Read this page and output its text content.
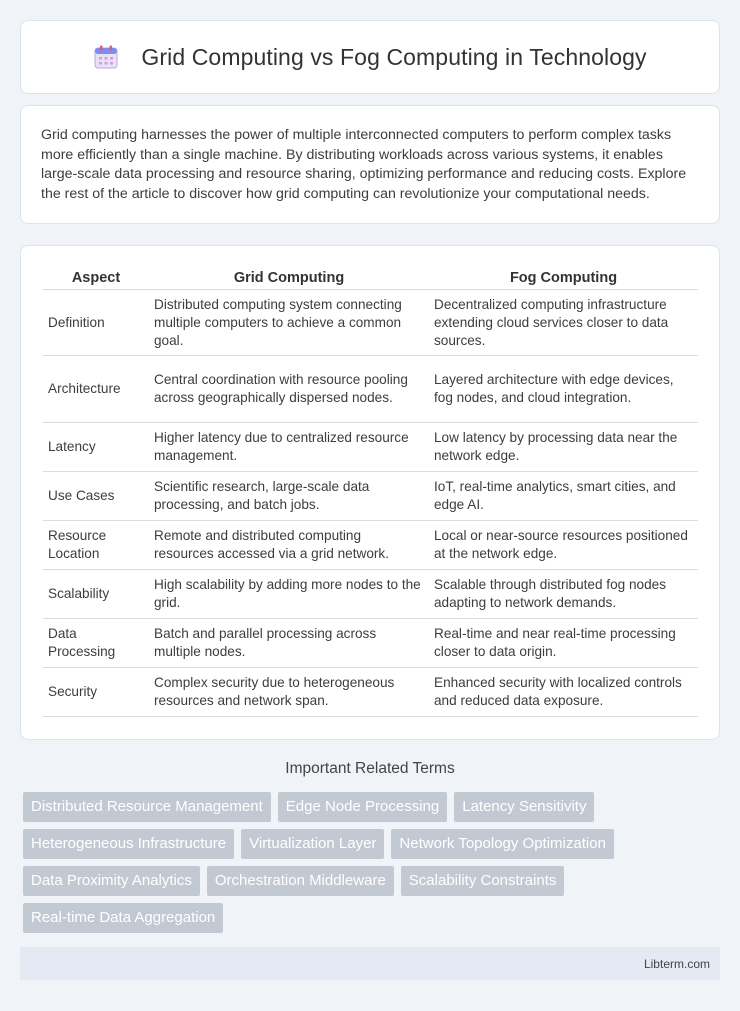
Grid Computing vs Fog Computing in Technology

Grid computing harnesses the power of multiple interconnected computers to perform complex tasks more efficiently than a single machine. By distributing workloads across various systems, it enables large-scale data processing and resource sharing, optimizing performance and reducing costs. Explore the rest of the article to discover how grid computing can revolutionize your computational needs.

Aspect	Grid Computing	Fog Computing
Definition	Distributed computing system connecting multiple computers to achieve a common goal.	Decentralized computing infrastructure extending cloud services closer to data sources.
Architecture	Central coordination with resource pooling across geographically dispersed nodes.	Layered architecture with edge devices, fog nodes, and cloud integration.
Latency	Higher latency due to centralized resource management.	Low latency by processing data near the network edge.
Use Cases	Scientific research, large-scale data processing, and batch jobs.	IoT, real-time analytics, smart cities, and edge AI.
Resource Location	Remote and distributed computing resources accessed via a grid network.	Local or near-source resources positioned at the network edge.
Scalability	High scalability by adding more nodes to the grid.	Scalable through distributed fog nodes adapting to network demands.
Data Processing	Batch and parallel processing across multiple nodes.	Real-time and near real-time processing closer to data origin.
Security	Complex security due to heterogeneous resources and network span.	Enhanced security with localized controls and reduced data exposure.
Important Related Terms
Distributed Resource Management	Edge Node Processing	Latency Sensitivity
Heterogeneous Infrastructure	Virtualization Layer	Network Topology Optimization
Data Proximity Analytics	Orchestration Middleware	Scalability Constraints
Real-time Data Aggregation
Libterm.com
